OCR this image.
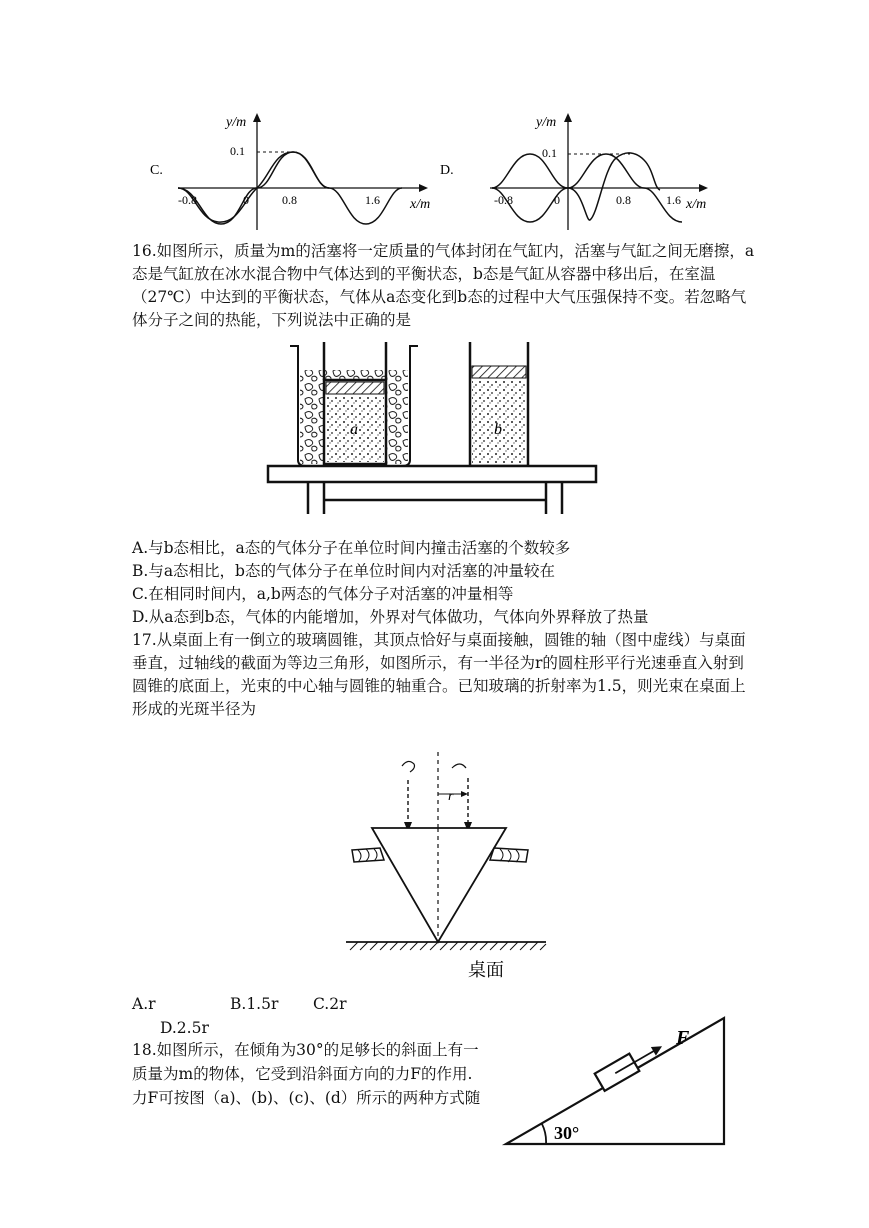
C.
y/m
x/m
0.1
-0.8	0	0.8	1.6
D.
y/m
x/m
0.1
-0.8	0	0.8	1.6
16.如图所示，质量为m的活塞将一定质量的气体封闭在气缸内，活塞与气缸之间无磨擦，a
态是气缸放在冰水混合物中气体达到的平衡状态，b态是气缸从容器中移出后，在室温
（27℃）中达到的平衡状态，气体从a态变化到b态的过程中大气压强保持不变。若忽略气
体分子之间的热能，下列说法中正确的是
a	b
A.与b态相比，a态的气体分子在单位时间内撞击活塞的个数较多
B.与a态相比，b态的气体分子在单位时间内对活塞的冲量较在
C.在相同时间内，a,b两态的气体分子对活塞的冲量相等
D.从a态到b态，气体的内能增加，外界对气体做功，气体向外界释放了热量
17.从桌面上有一倒立的玻璃圆锥，其顶点恰好与桌面接触，圆锥的轴（图中虚线）与桌面
垂直，过轴线的截面为等边三角形，如图所示，有一半径为r的圆柱形平行光速垂直入射到
圆锥的底面上，光束的中心轴与圆锥的轴重合。已知玻璃的折射率为1.5，则光束在桌面上
形成的光斑半径为
r
桌面
A.r	B.1.5r C.2r
D.2.5r
18.如图所示，在倾角为30°的足够长的斜面上有一
质量为m的物体，它受到沿斜面方向的力F的作用.
力F可按图（a)、(b)、(c)、(d）所示的两种方式随
F
30°
